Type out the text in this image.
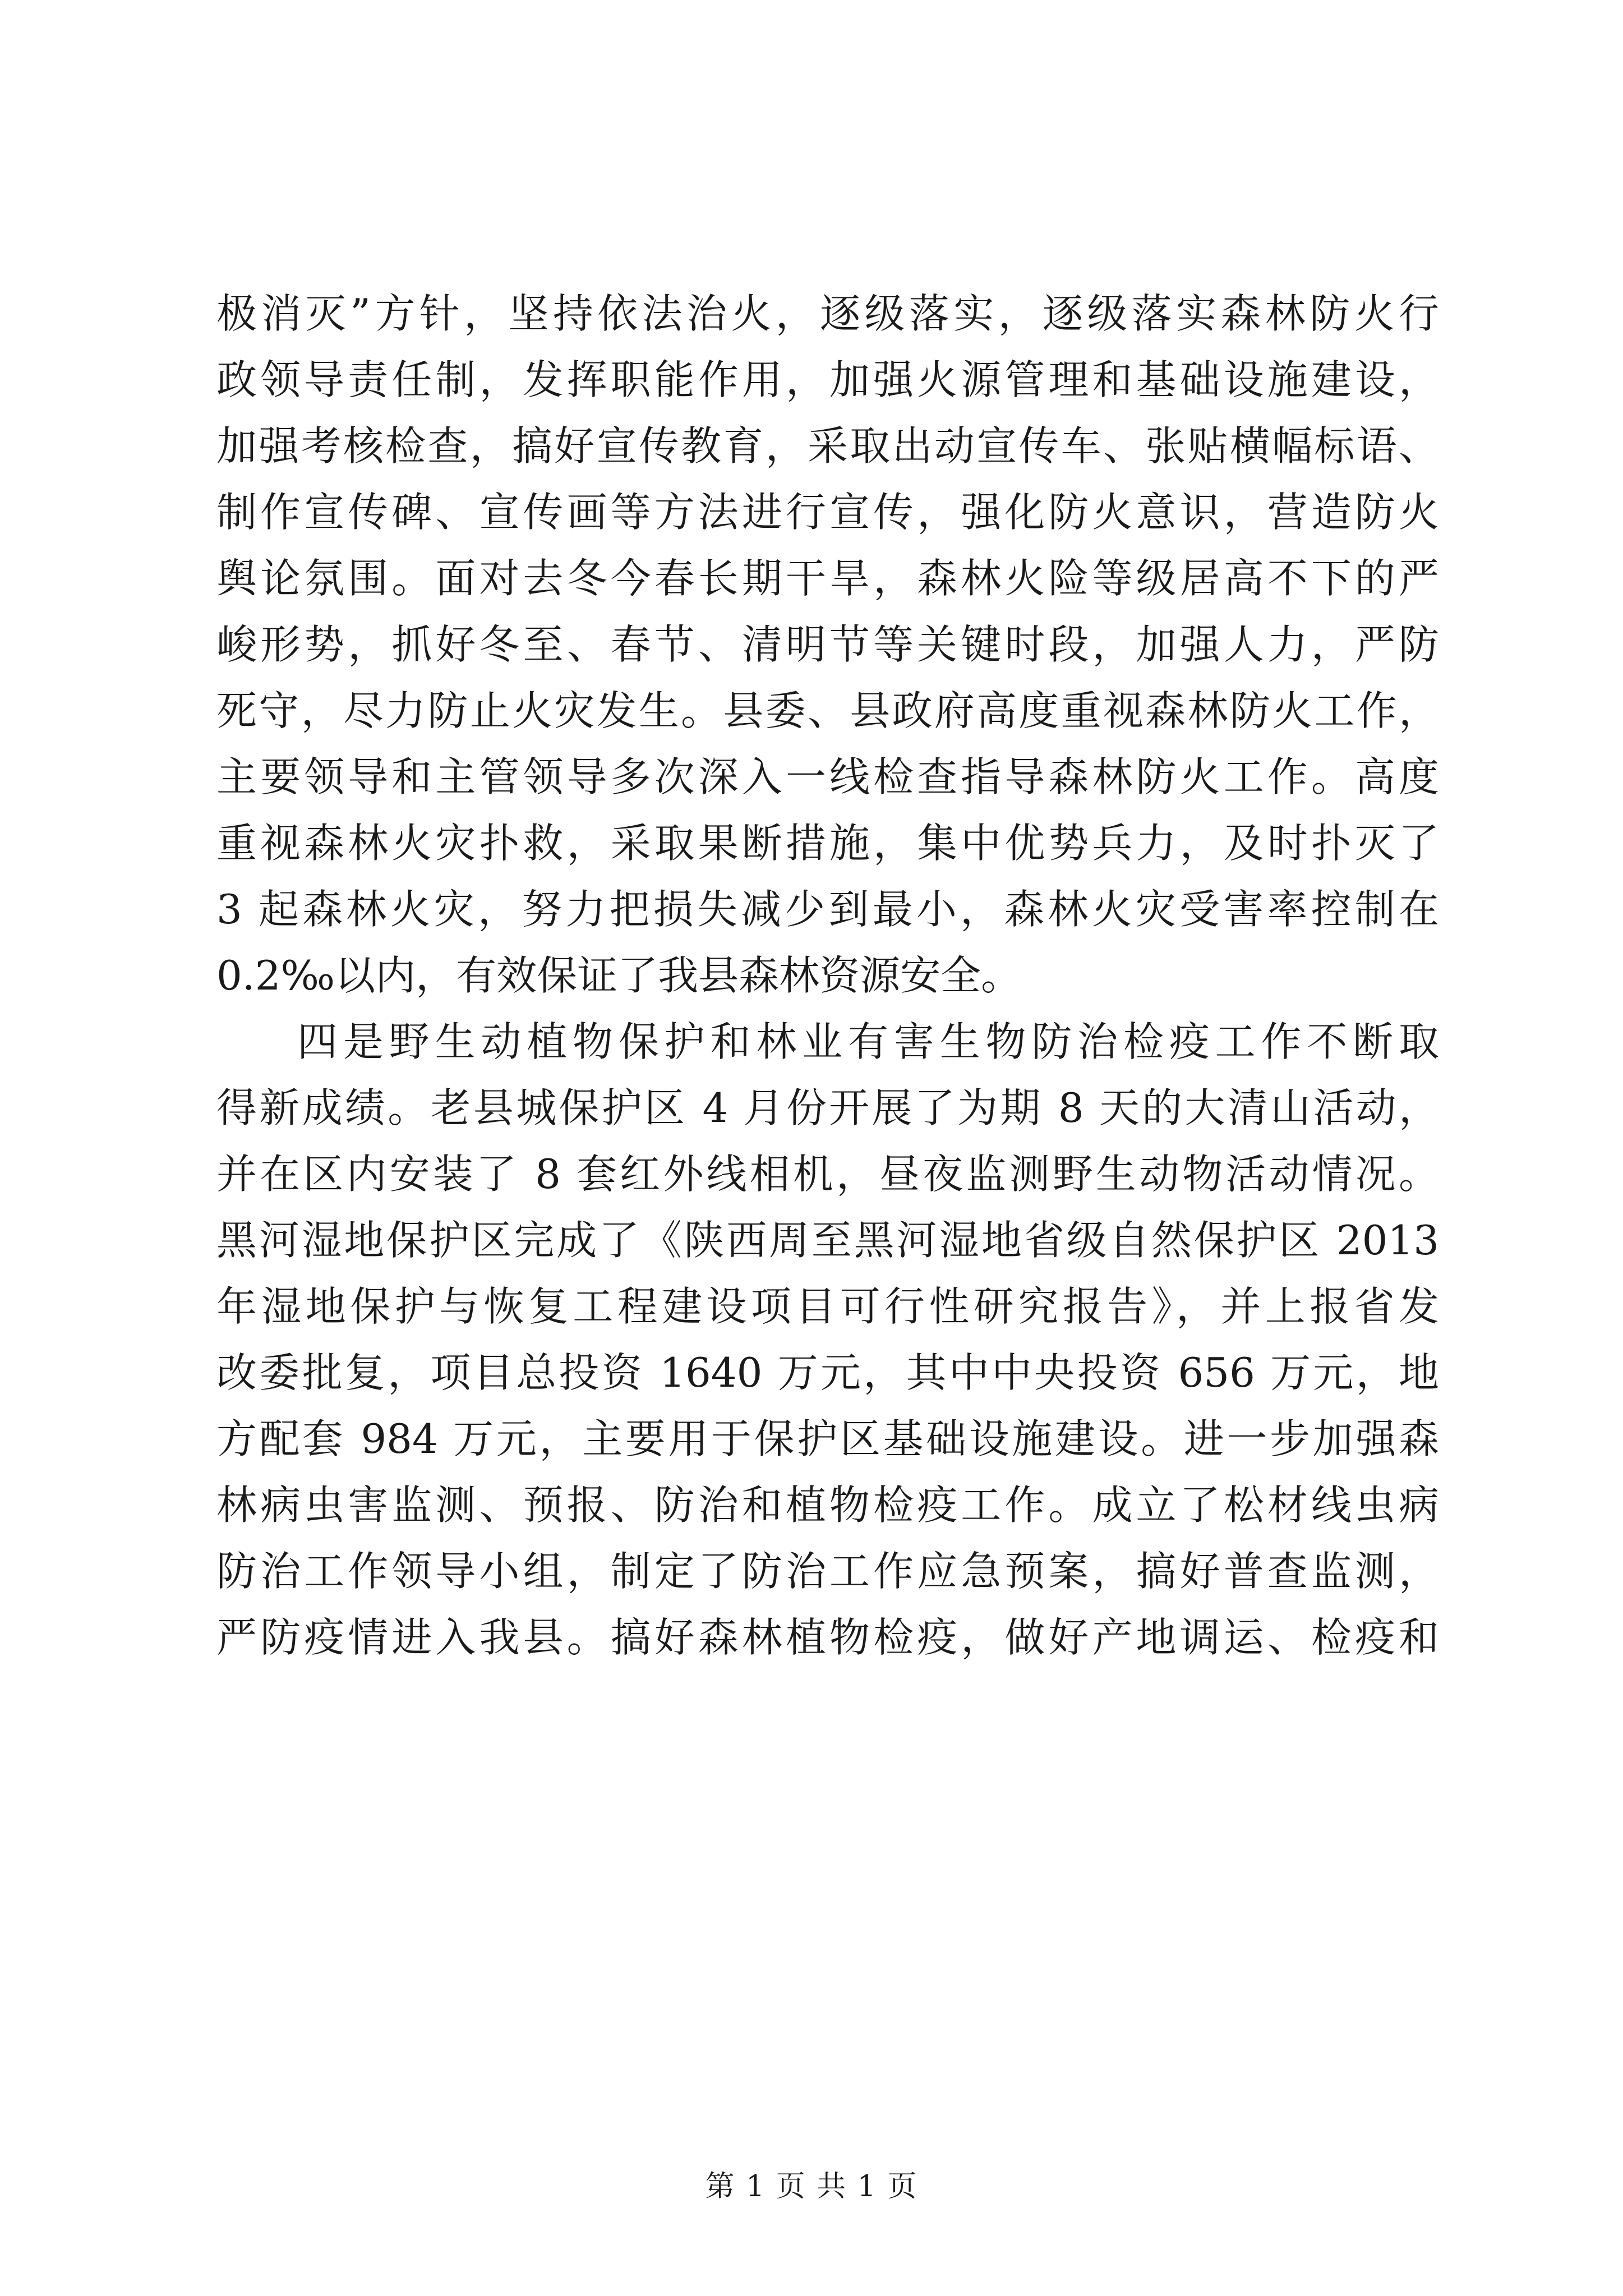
极消灭”方针，坚持依法治火，逐级落实，逐级落实森林防火行
政领导责任制，发挥职能作用，加强火源管理和基础设施建设，
加强考核检查，搞好宣传教育，采取出动宣传车、张贴横幅标语、
制作宣传碑、宣传画等方法进行宣传，强化防火意识，营造防火
舆论氛围。面对去冬今春长期干旱，森林火险等级居高不下的严
峻形势，抓好冬至、春节、清明节等关键时段，加强人力，严防
死守，尽力防止火灾发生。县委、县政府高度重视森林防火工作，
主要领导和主管领导多次深入一线检查指导森林防火工作。高度
重视森林火灾扑救，采取果断措施，集中优势兵力，及时扑灭了
3 起森林火灾，努力把损失减少到最小，森林火灾受害率控制在
0.2‰以内，有效保证了我县森林资源安全。
四是野生动植物保护和林业有害生物防治检疫工作不断取
得新成绩。老县城保护区 4 月份开展了为期 8 天的大清山活动，
并在区内安装了 8 套红外线相机，昼夜监测野生动物活动情况。
黑河湿地保护区完成了《陕西周至黑河湿地省级自然保护区 2013
年湿地保护与恢复工程建设项目可行性研究报告》，并上报省发
改委批复，项目总投资 1640 万元，其中中央投资 656 万元，地
方配套 984 万元，主要用于保护区基础设施建设。进一步加强森
林病虫害监测、预报、防治和植物检疫工作。成立了松材线虫病
防治工作领导小组，制定了防治工作应急预案，搞好普查监测，
严防疫情进入我县。搞好森林植物检疫，做好产地调运、检疫和
第 1 页 共 1 页
